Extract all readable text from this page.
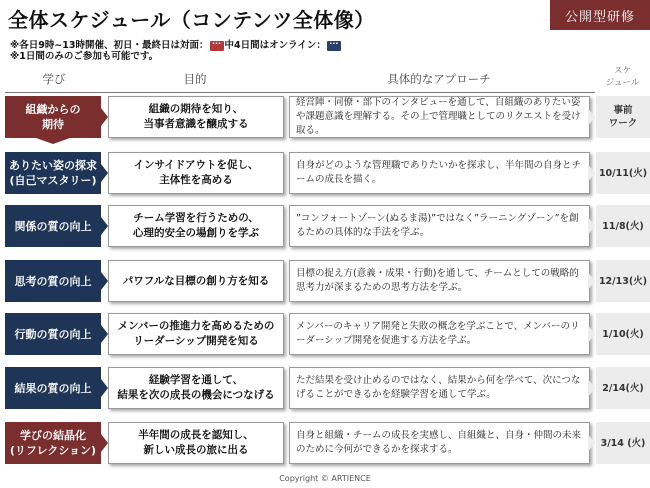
全体スケジュール（コンテンツ全体像）	公開型研修
※各日9時~13時開催、初日・最終日は対面：
··· 中4日間はオンライン：
···
※1日間のみのご参加も可能です。
学び	目的	具体的なアプローチ
スケ
ジュール
組織からの
期待
組織の期待を知り、
当事者意識を醸成する
経営陣・同僚・部下のインタビューを通して、自組織のありたい姿や課題意識を理解する。その上で管理職としてのリクエストを受け取る。
事前
ワーク
ありたい姿の探求
(自己マスタリー)
インサイドアウトを促し、
主体性を高める
自身がどのような管理職でありたいかを探求し、半年間の自身とチームの成長を描く。
10/11(火)
関係の質の向上
チーム学習を行うための、
心理的安全の場創りを学ぶ
”コンフォートゾーン(ぬるま湯)”ではなく”ラーニングゾーン”を創るための具体的な手法を学ぶ。
11/8(火)
思考の質の向上	パワフルな目標の創り方を知る
目標の捉え方(意義・成果・行動)を通して、チームとしての戦略的思考力が深まるための思考方法を学ぶ。
12/13(火)
行動の質の向上
メンバーの推進力を高めるための
リーダーシップ開発を知る
メンバーのキャリア開発と失敗の概念を学ぶことで、メンバーのリーダーシップ開発を促進する方法を学ぶ。
1/10(火)
結果の質の向上
経験学習を通して、
結果を次の成長の機会につなげる
ただ結果を受け止めるのではなく、結果から何を学べて、次につなげることができるかを経験学習を通して学ぶ。
2/14(火)
学びの結晶化
(リフレクション)
半年間の成長を認知し、
新しい成長の旅に出る
自身と組織・チームの成長を実感し、自組織と、自身・仲間の未来のために今何ができるかを探求する。
3/14 (火)
Copyright © ARTIENCE
